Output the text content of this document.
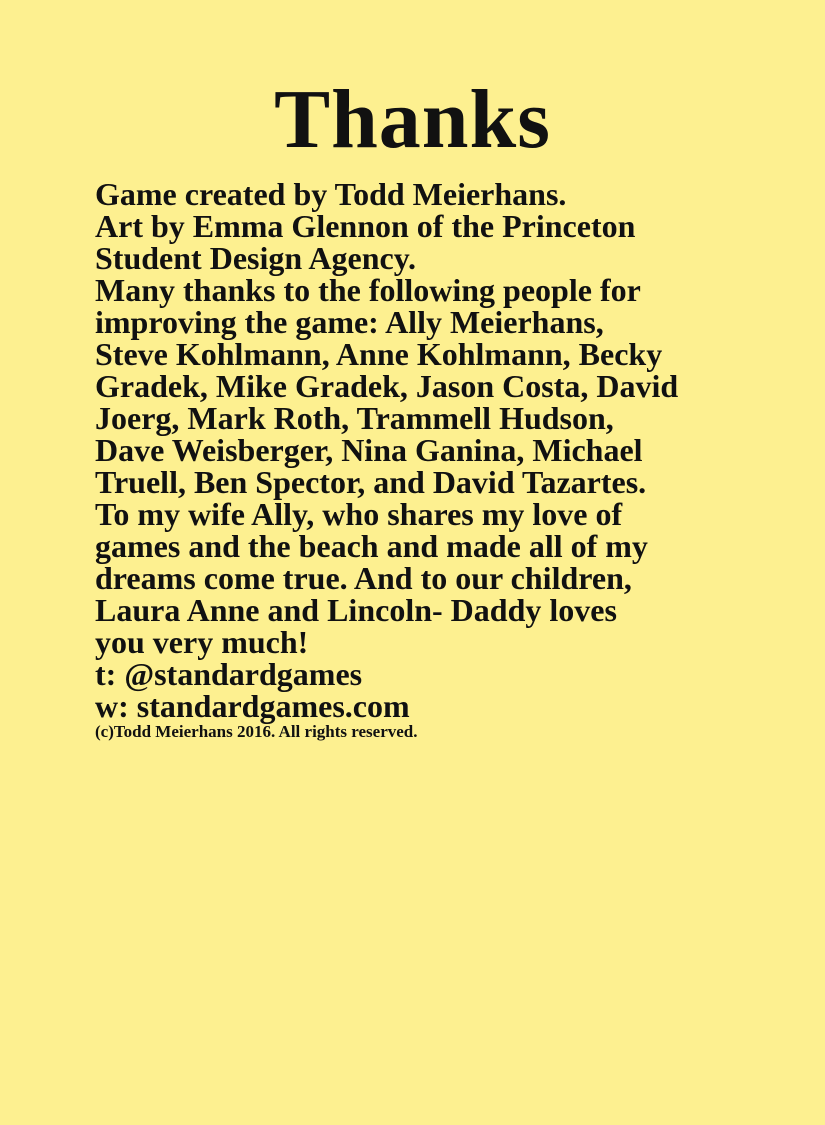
Thanks

Game created by Todd Meierhans.
Art by Emma Glennon of the Princeton
Student Design Agency.

Many thanks to the following people for
improving the game: Ally Meierhans,
Steve Kohlmann, Anne Kohlmann, Becky
Gradek, Mike Gradek, Jason Costa, David
Joerg, Mark Roth, Trammell Hudson,
Dave Weisberger, Nina Ganina, Michael
Truell, Ben Spector, and David Tazartes.

To my wife Ally, who shares my love of
games and the beach and made all of my
dreams come true. And to our children,
Laura Anne and Lincoln- Daddy loves
you very much!

t: @standardgames
w: standardgames.com

(c)Todd Meierhans 2016. All rights reserved.
